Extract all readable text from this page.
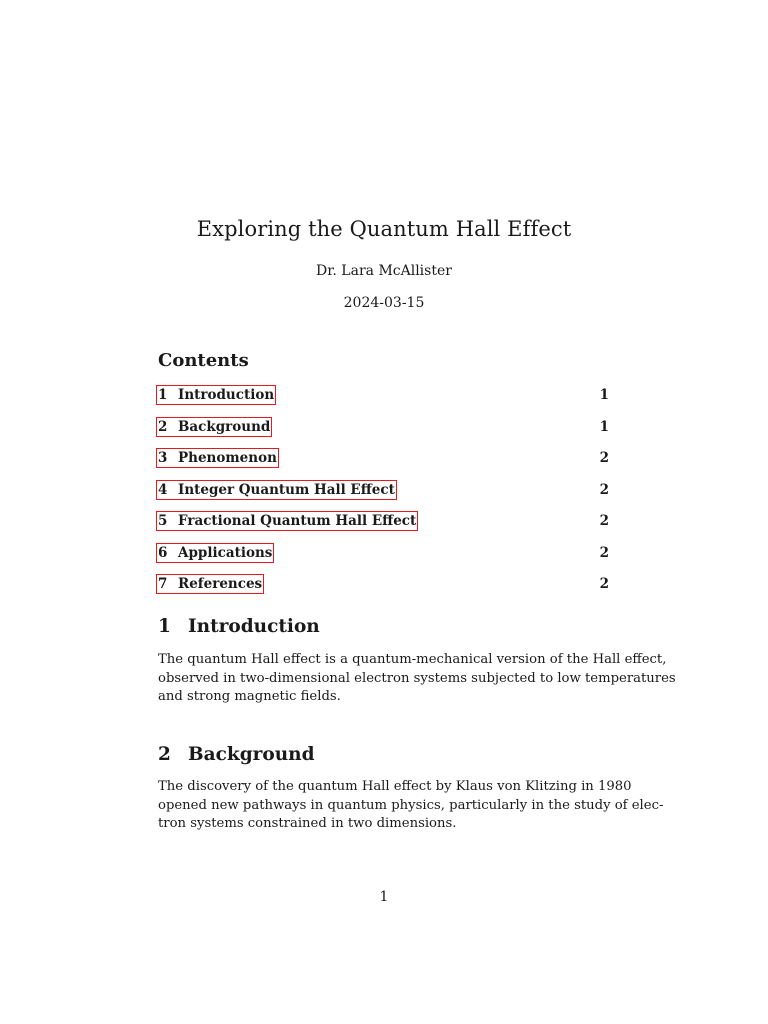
Exploring the Quantum Hall Effect
Dr. Lara McAllister
2024-03-15
Contents
1 Introduction	1
2 Background	1
3 Phenomenon	2
4 Integer Quantum Hall Effect	2
5 Fractional Quantum Hall Effect	2
6 Applications	2
7 References	2
1 Introduction
The quantum Hall effect is a quantum-mechanical version of the Hall effect,
observed in two-dimensional electron systems subjected to low temperatures
and strong magnetic fields.
2 Background
The discovery of the quantum Hall effect by Klaus von Klitzing in 1980
opened new pathways in quantum physics, particularly in the study of elec-
tron systems constrained in two dimensions.
1
